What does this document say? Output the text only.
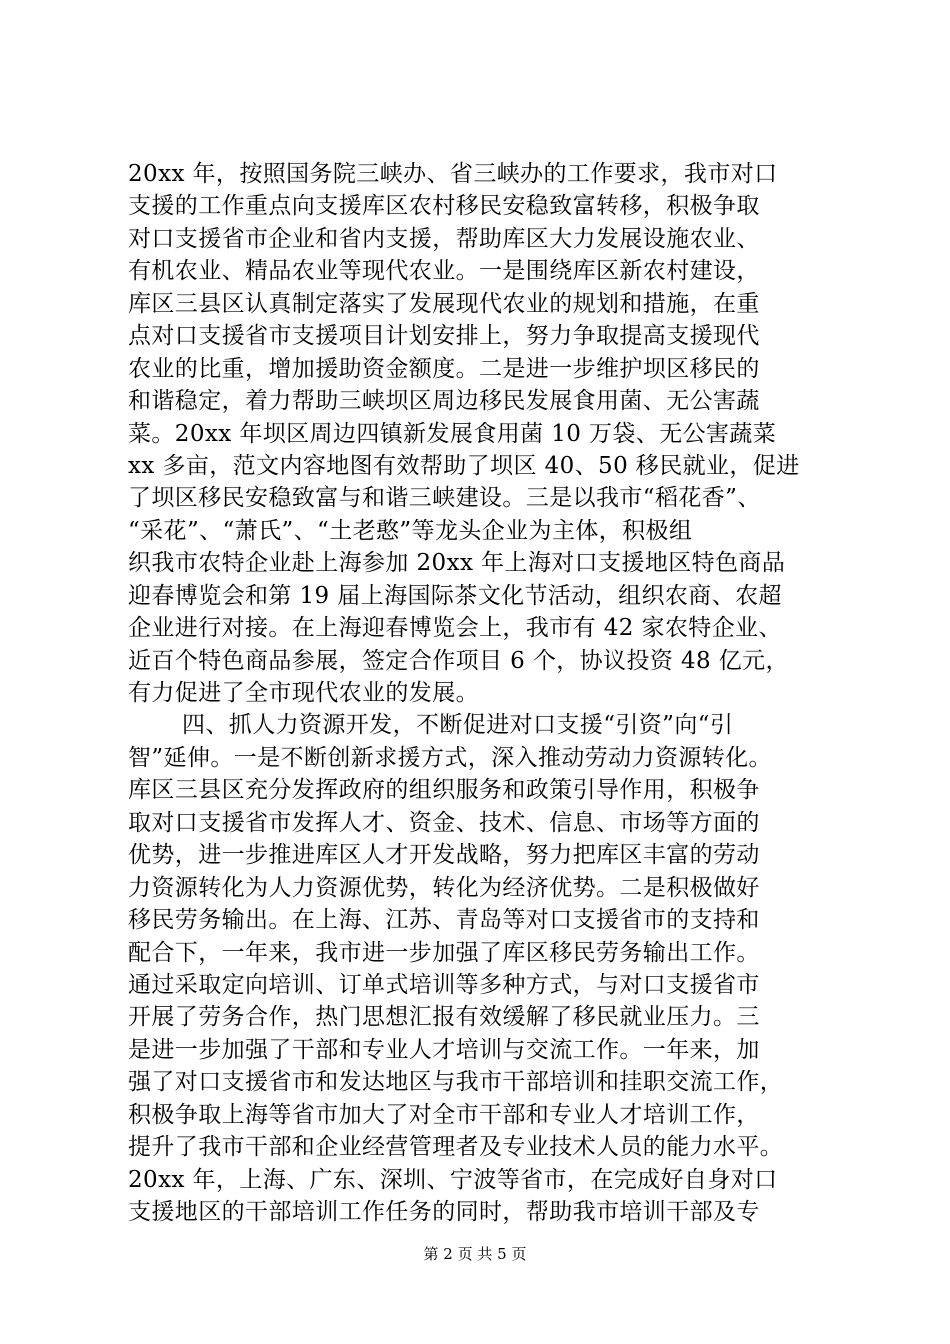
20xx 年，按照国务院三峡办、省三峡办的工作要求，我市对口
支援的工作重点向支援库区农村移民安稳致富转移，积极争取
对口支援省市企业和省内支援，帮助库区大力发展设施农业、
有机农业、精品农业等现代农业。一是围绕库区新农村建设，
库区三县区认真制定落实了发展现代农业的规划和措施，在重
点对口支援省市支援项目计划安排上，努力争取提高支援现代
农业的比重，增加援助资金额度。二是进一步维护坝区移民的
和谐稳定，着力帮助三峡坝区周边移民发展食用菌、无公害蔬
菜。20xx 年坝区周边四镇新发展食用菌 10 万袋、无公害蔬菜
xx 多亩，范文内容地图有效帮助了坝区 40、50 移民就业，促进
了坝区移民安稳致富与和谐三峡建设。三是以我市“稻花香”、
“采花”、“萧氏”、“土老憨”等龙头企业为主体，积极组
织我市农特企业赴上海参加 20xx 年上海对口支援地区特色商品
迎春博览会和第 19 届上海国际茶文化节活动，组织农商、农超
企业进行对接。在上海迎春博览会上，我市有 42 家农特企业、
近百个特色商品参展，签定合作项目 6 个，协议投资 48 亿元，
有力促进了全市现代农业的发展。
四、抓人力资源开发，不断促进对口支援“引资”向“引
智”延伸。一是不断创新求援方式，深入推动劳动力资源转化。
库区三县区充分发挥政府的组织服务和政策引导作用，积极争
取对口支援省市发挥人才、资金、技术、信息、市场等方面的
优势，进一步推进库区人才开发战略，努力把库区丰富的劳动
力资源转化为人力资源优势，转化为经济优势。二是积极做好
移民劳务输出。在上海、江苏、青岛等对口支援省市的支持和
配合下，一年来，我市进一步加强了库区移民劳务输出工作。
通过采取定向培训、订单式培训等多种方式，与对口支援省市
开展了劳务合作，热门思想汇报有效缓解了移民就业压力。三
是进一步加强了干部和专业人才培训与交流工作。一年来，加
强了对口支援省市和发达地区与我市干部培训和挂职交流工作，
积极争取上海等省市加大了对全市干部和专业人才培训工作，
提升了我市干部和企业经营管理者及专业技术人员的能力水平。
20xx 年，上海、广东、深圳、宁波等省市，在完成好自身对口
支援地区的干部培训工作任务的同时，帮助我市培训干部及专
第 2 页 共 5 页
